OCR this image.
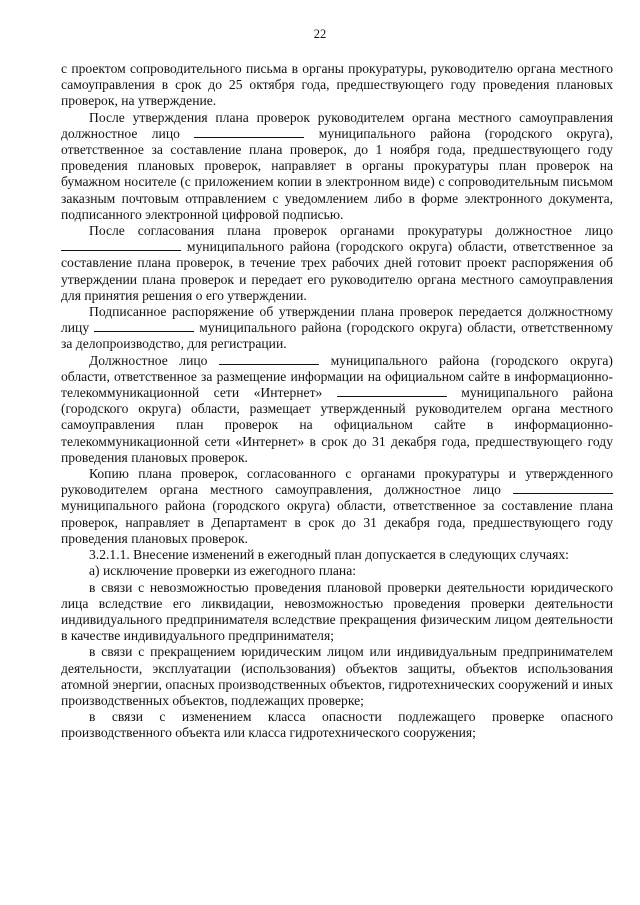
22

с проектом сопроводительного письма в органы прокуратуры, руководителю органа местного самоуправления в срок до 25 октября года, предшествующего году проведения плановых проверок, на утверждение.

После утверждения плана проверок руководителем органа местного самоуправления должностное лицо	муниципального района (городского округа), ответственное за составление плана проверок, до 1 ноября года, предшествующего году проведения плановых проверок, направляет в органы прокуратуры план проверок на бумажном носителе (с приложением копии в электронном виде) с сопроводительным письмом заказным почтовым отправлением с уведомлением либо в форме электронного документа, подписанного электронной цифровой подписью.

После согласования плана проверок органами прокуратуры должностное лицо  муниципального района (городского округа) области, ответственное за составление плана проверок, в течение трех рабочих дней готовит проект распоряжения об утверждении плана проверок и передает его руководителю органа местного самоуправления для принятия решения о его утверждении.

Подписанное распоряжение об утверждении плана проверок передается должностному лицу	муниципального района (городского округа) области, ответственному за делопроизводство, для регистрации.

Должностное лицо	муниципального района (городского округа) области, ответственное за размещение информации на официальном сайте в информационно-телекоммуникационной сети «Интернет»	муниципального района (городского округа) области, размещает утвержденный руководителем органа местного самоуправления план проверок на официальном сайте в информационно-телекоммуникационной сети «Интернет» в срок до 31 декабря года, предшествующего году проведения плановых проверок.

Копию плана проверок, согласованного с органами прокуратуры и утвержденного руководителем органа местного самоуправления, должностное лицо  муниципального района (городского округа) области, ответственное за составление плана проверок, направляет в Департамент в срок до 31 декабря года, предшествующего году проведения плановых проверок.

3.2.1.1. Внесение изменений в ежегодный план допускается в следующих случаях:

а) исключение проверки из ежегодного плана:

в связи с невозможностью проведения плановой проверки деятельности юридического лица вследствие его ликвидации, невозможностью проведения проверки деятельности индивидуального предпринимателя вследствие прекращения физическим лицом деятельности в качестве индивидуального предпринимателя;

в связи с прекращением юридическим лицом или индивидуальным предпринимателем деятельности, эксплуатации (использования) объектов защиты, объектов использования атомной энергии, опасных производственных объектов, гидротехнических сооружений и иных производственных объектов, подлежащих проверке;

в связи с изменением класса опасности подлежащего проверке опасного производственного объекта или класса гидротехнического сооружения;
